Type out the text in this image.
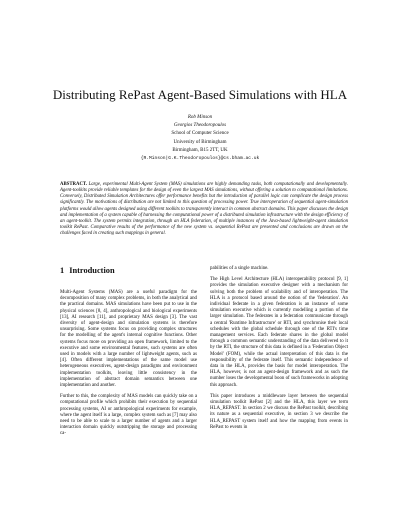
Distributing RePast Agent-Based Simulations with HLA
Rob Minson
Georgios Theodoropoulos
School of Computer Science
University of Birmingham
Birmingham, B15 2TT, UK
{R.Minson|G.K.Theodoropoulos}@cs.bham.ac.uk
ABSTRACT. Large, experimental Multi-Agent System (MAS) simulations are highly demanding tasks, both computationally and developmentally. Agent-toolkits provide reliable templates for the design of even the largest MAS simulations, without offering a solution to computational limitations. Conversely, Distributed Simulation Architectures offer performance benefits but the introduction of parallel logic can complicate the design process significantly. The motivations of distribution are not limited to this question of processing power. True interoperation of sequential agent-simulation platforms would allow agents designed using different toolkits to transparently interact in common abstract domains. This paper discusses the design and implementation of a system capable of harnessing the computational power of a distributed simulation infrastructure with the design efficiency of an agent-toolkit. The system permits integration, through an HLA federation, of multiple instances of the Java-based lightweight-agent simulation toolkit RePast. Comparative results of the performance of the new system vs. sequential RePast are presented and conclusions are drawn on the challenges faced in creating such mappings in general.
1 Introduction

Multi-Agent Systems (MAS) are a useful paradigm for the decomposition of many complex problems, in both the analytical and the practical domains. MAS simulations have been put to use in the physical sciences [8, 4], anthropological and biological experiments [13], AI research [11], and proprietary MAS design [3]. The vast diversity of agent-design and simulation systems is therefore unsurprising. Some systems focus on providing complex structures for the modelling of the agent's internal cognitive functions. Other systems focus more on providing an open framework, limited to the executive and some environmental features, such systems are often used in models with a large number of lightweight agents, such as [4]. Often different implementations of the same model use heterogeneous executives, agent-design paradigms and environment implementation toolkits, leaving little consistency in the implementation of abstract domain semantics between one implementation and another.

Further to this, the complexity of MAS models can quickly take on a computational profile which prohibits their execution by sequential processing systems, AI or anthropological experiments for example, where the agent itself is a large, complex system such as [7] may also need to be able to scale to a larger number of agents and a larger interaction domain quickly outstripping the storage and processing ca-

pabilities of a single machine.

The High Level Architecture (HLA) interoperability protocol [9, 1] provides the simulation executive designer with a mechanism for solving both the problem of scalability and of interoperation. The HLA is a protocol based around the notion of the 'federation'. An individual federate in a given federation is an instance of some simulation executive which is currently modelling a portion of the larger simulation. The federates in a federation communicate through a central 'Runtime Infrastructure' or RTI, and synchronise their local schedules with the global schedule through one of the RTI's time management services. Each federate shares in the global model through a common semantic understanding of the data delivered to it by the RTI, the structure of this data is defined in a 'Federation Object Model' (FOM), while the actual interpretation of this data is the responsibility of the federate itself. This semantic independence of data in the HLA, provides the basis for model interoperation. The HLA, however, is not an agent-design framework and as such the number loses the developmental boon of such frameworks in adopting this approach.

This paper introduces a middleware layer between the sequential simulation toolkit RePast [2] and the HLA, this layer we term HLA_REPAST. In section 2 we discuss the RePast toolkit, describing its nature as a sequential executive, in section 3 we describe the HLA_REPAST system itself and how the mapping from events in RePast to events in
